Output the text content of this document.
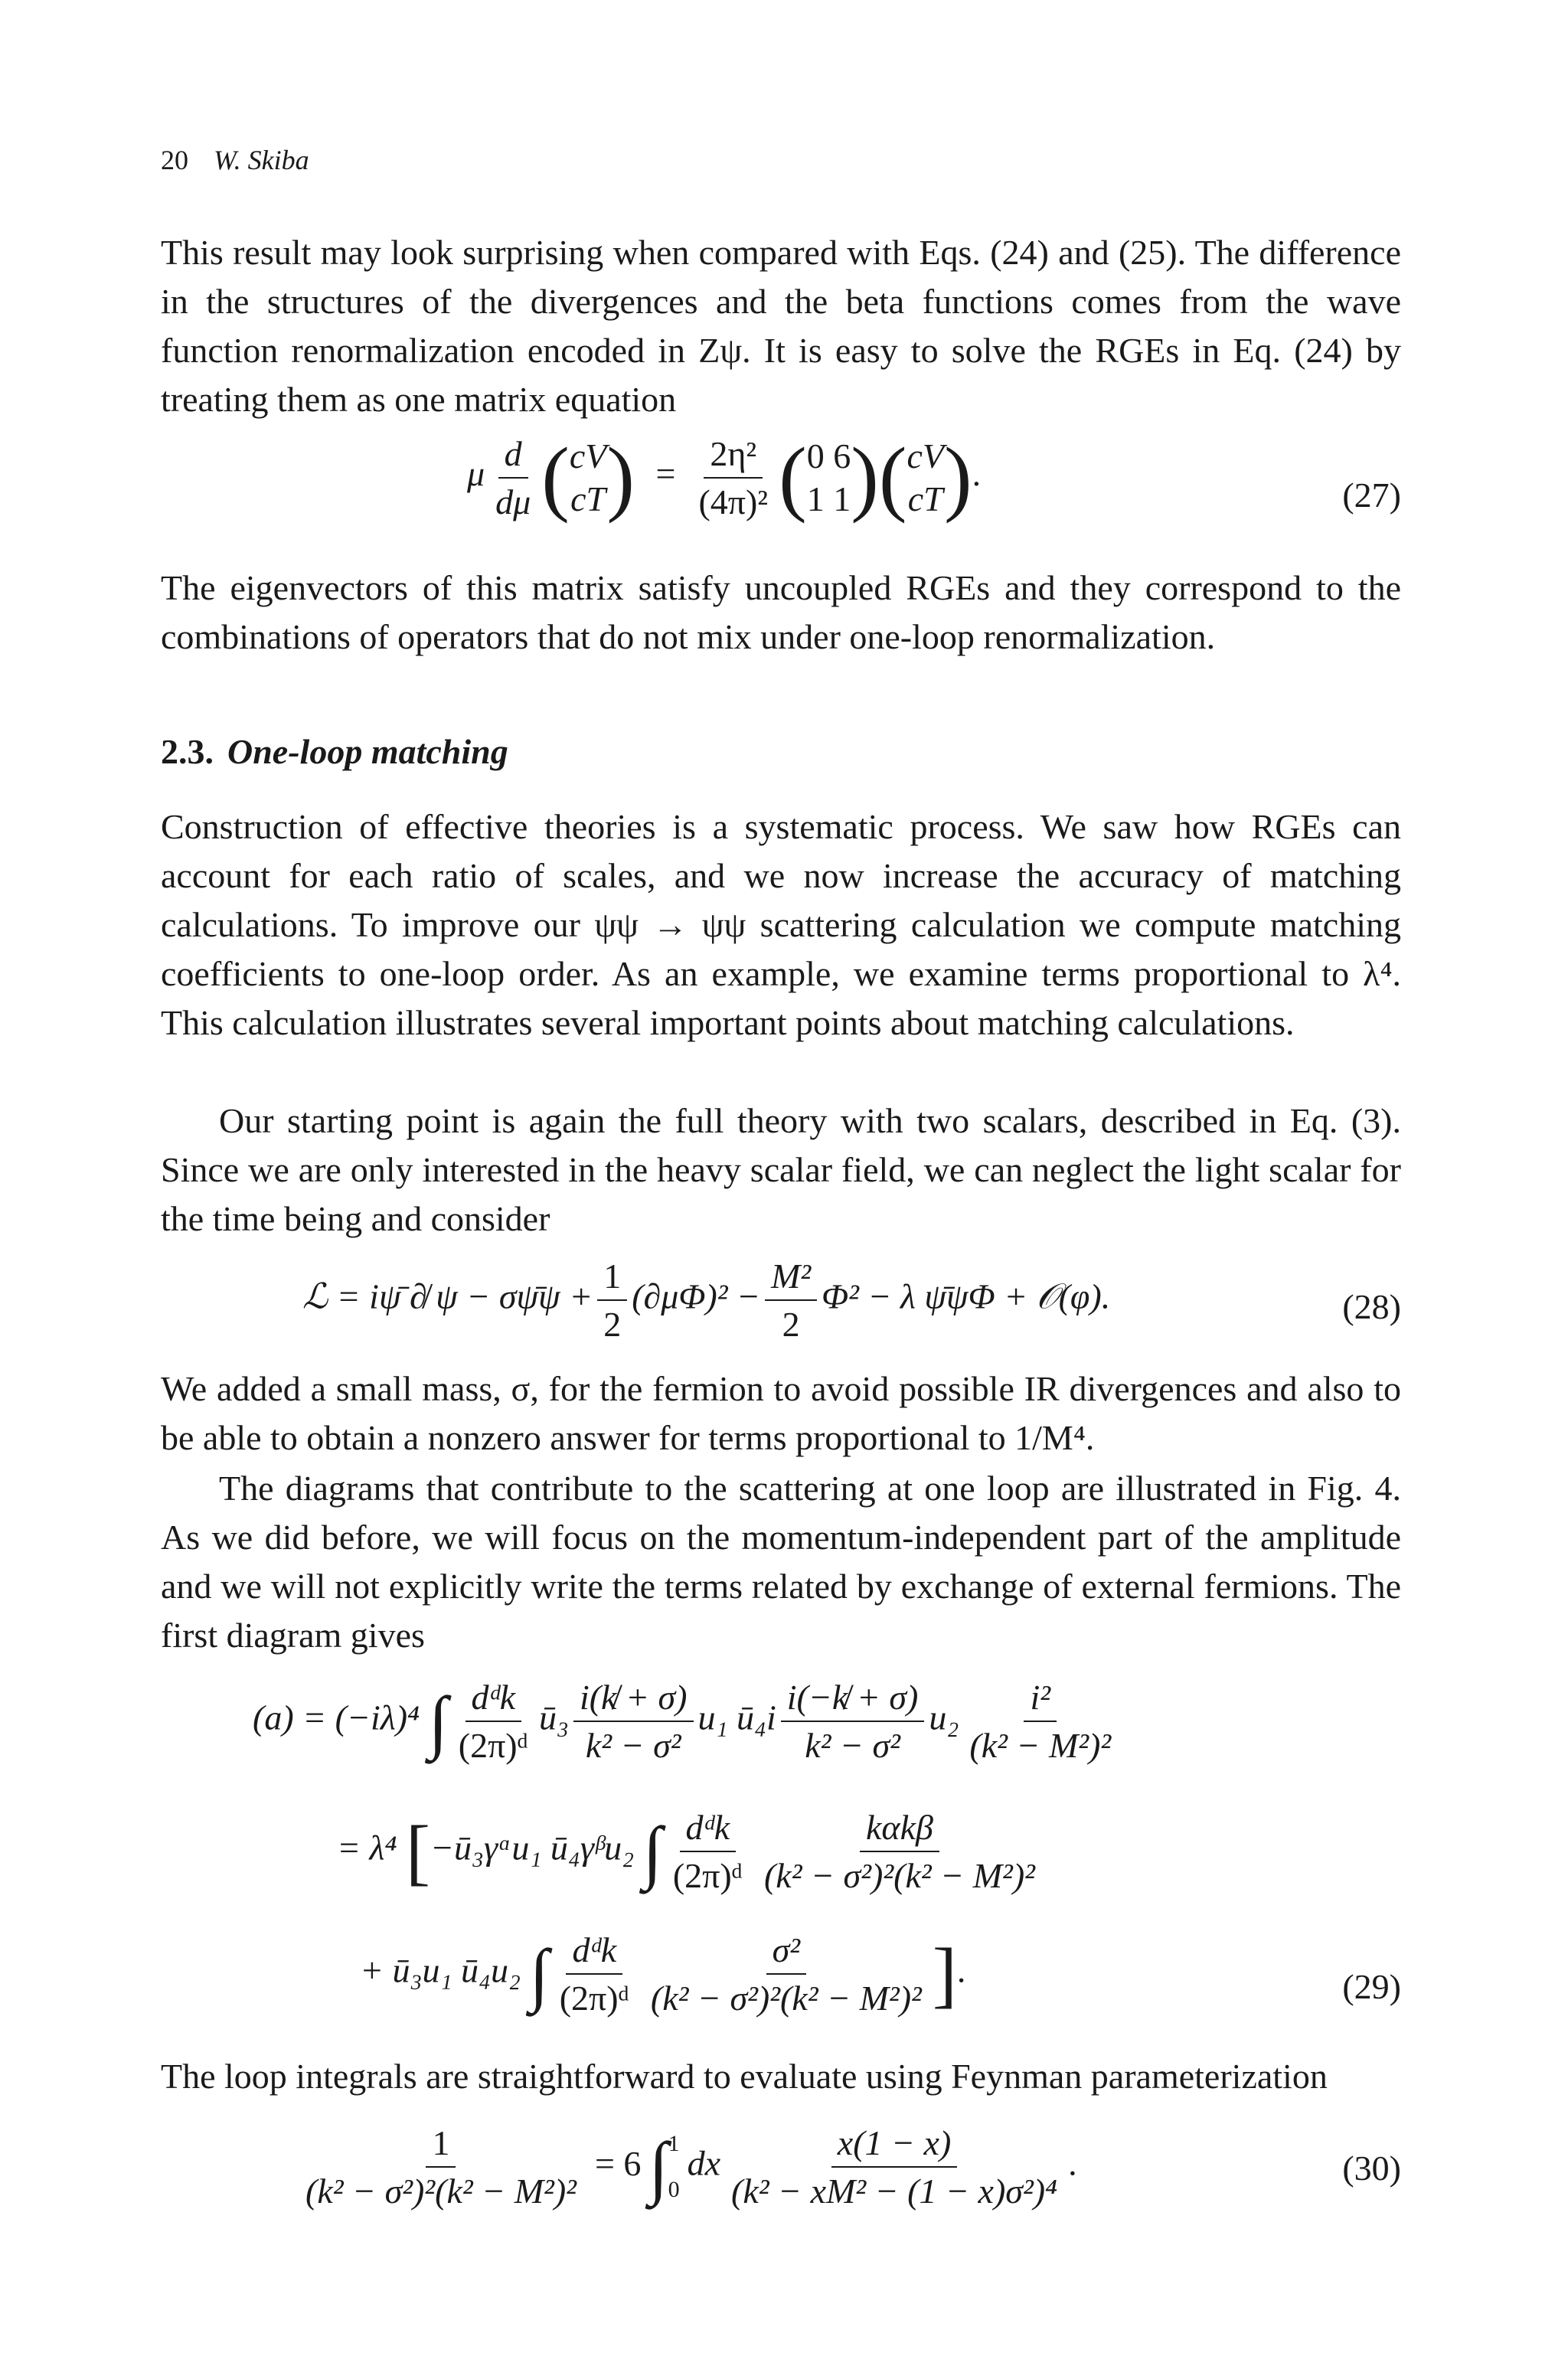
20 W. Skiba
This result may look surprising when compared with Eqs. (24) and (25). The difference in the structures of the divergences and the beta functions comes from the wave function renormalization encoded in Zψ. It is easy to solve the RGEs in Eq. (24) by treating them as one matrix equation
μ $\frac{d}{d\mu}$ ( cV
cT ) = $\frac{\text{2η²}}{\text{(4π)²}}$ ( 0 6
1 1 )( cV
cT ).
(27)
The eigenvectors of this matrix satisfy uncoupled RGEs and they correspond to the combinations of operators that do not mix under one-loop renormalization.
2.3. One-loop matching
Construction of effective theories is a systematic process. We saw how RGEs can account for each ratio of scales, and we now increase the accuracy of matching calculations. To improve our ψψ → ψψ scattering calculation we compute matching coefficients to one-loop order. As an example, we examine terms proportional to λ⁴. This calculation illustrates several important points about matching calculations.
Our starting point is again the full theory with two scalars, described in Eq. (3). Since we are only interested in the heavy scalar field, we can neglect the light scalar for the time being and consider
ℒ = iψ̄ ∂̸ ψ − σψ̄ψ + $\frac{1}{2} (\partial\mu\Phi)^2 - \frac{\text{M²}}{2} \Phi^2 - \lambda$ ψ̄ψΦ + 𝒪(φ).	(28)
We added a small mass, σ, for the fermion to avoid possible IR divergences and also to be able to obtain a nonzero answer for terms proportional to 1/M⁴.
The diagrams that contribute to the scattering at one loop are illustrated in Fig. 4. As we did before, we will focus on the momentum-independent part of the amplitude and we will not explicitly write the terms related by exchange of external fermions. The first diagram gives
(a) = (−iλ)⁴ ∫ $\frac{\text{dᵈk}}{\text{(2π)ᵈ}}$ ū₃ $\frac{i(k̸ + \sigma)}{\text{k² − σ²}} u_1$ ū₄i $\frac{i(-k̸ + \sigma)}{\text{k² − σ²}} u_2 \frac{\text{i²}}{\text{(k² − M²)²}}$
= λ⁴ [−ū₃γᵅu₁ ū₄γᵝu₂ ∫ $\frac{\text{dᵈk}}{\text{(2π)ᵈ}} \frac{\text{kαkβ}}{\text{(k² − σ²)²(k² − M²)²}}$
+ ū₃u₁ ū₄u₂ ∫ $\frac{\text{dᵈk}}{\text{(2π)ᵈ}} \frac{\text{σ²}}{\text{(k² − σ²)²(k² − M²)²}}$ ].	(29)
The loop integrals are straightforward to evaluate using Feynman parameterization
$\frac{1}{\text{(k² − σ²)²(k² − M²)²}} = 6$ ∫ 1
0
dx $\frac{x(1 - x)}{\text{(k² − xM² − (1 − x)σ²)⁴}}$ .	(30)
